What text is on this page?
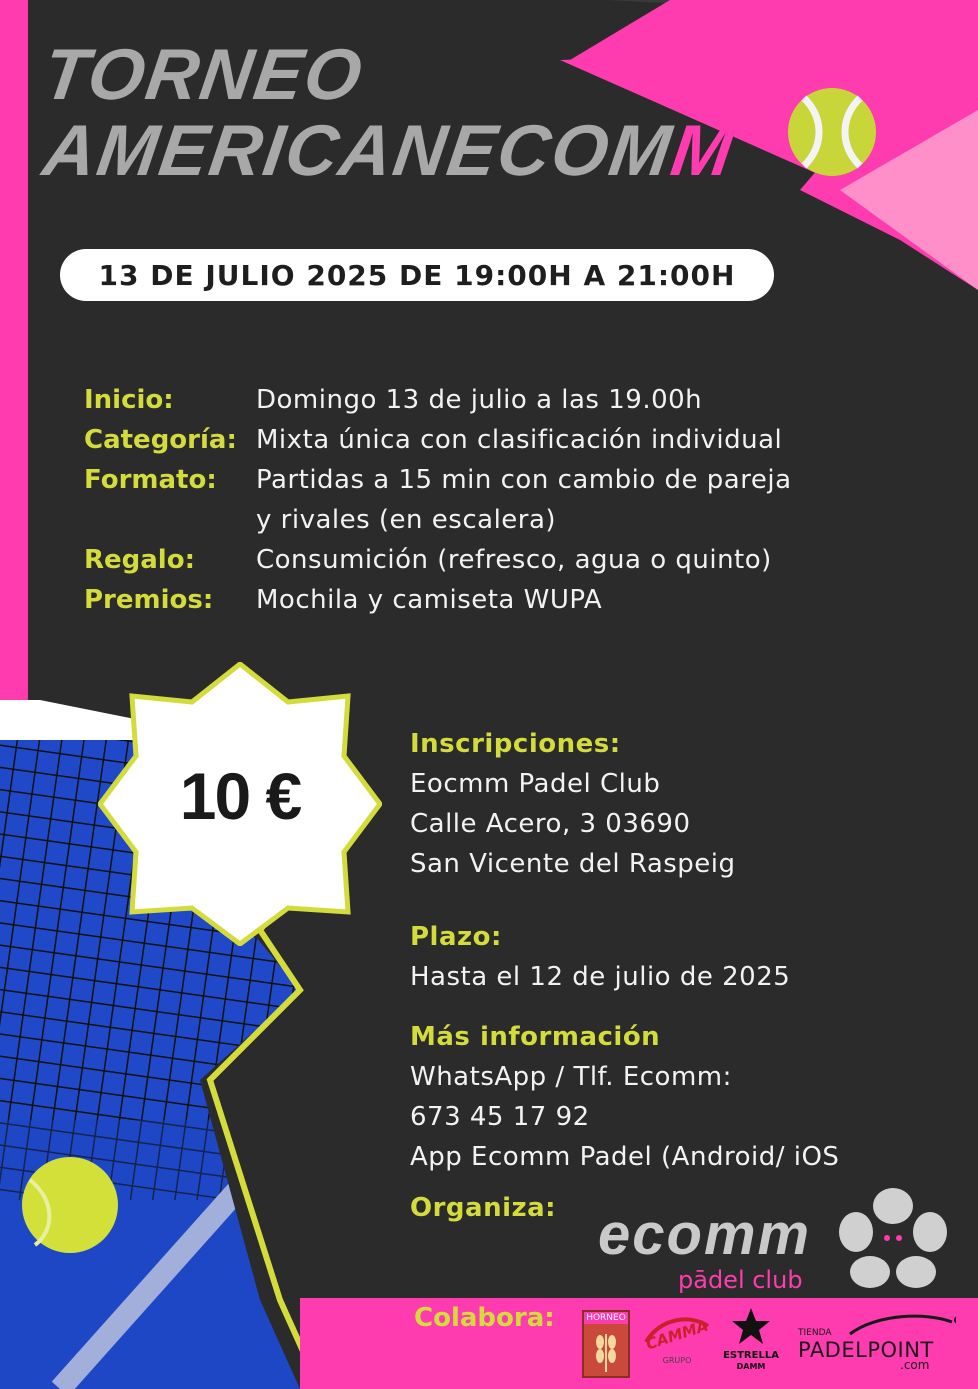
TORNEO
AMERICANECOMM
13 DE JULIO 2025 DE 19:00H A 21:00H
Inicio:	Domingo 13 de julio a las 19.00h
Categoría: Mixta única con clasificación individual
Formato:	Partidas a 15 min con cambio de pareja
y rivales (en escalera)
Regalo:	Consumición (refresco, agua o quinto)
Premios:	Mochila y camiseta WUPA
10 €
Inscripciones:
Eocmm Padel Club
Calle Acero, 3 03690
San Vicente del Raspeig
Plazo:
Hasta el 12 de julio de 2025
Más información
WhatsApp / Tlf. Ecomm:
673 45 17 92
App Ecomm Padel (Android/ iOS
Organiza: ecomm
pādel club
Colabora:	HORNEO	CAMMA
GRUPO	ESTRELLA
DAMM
TIENDA
PADELPOINT
.com
